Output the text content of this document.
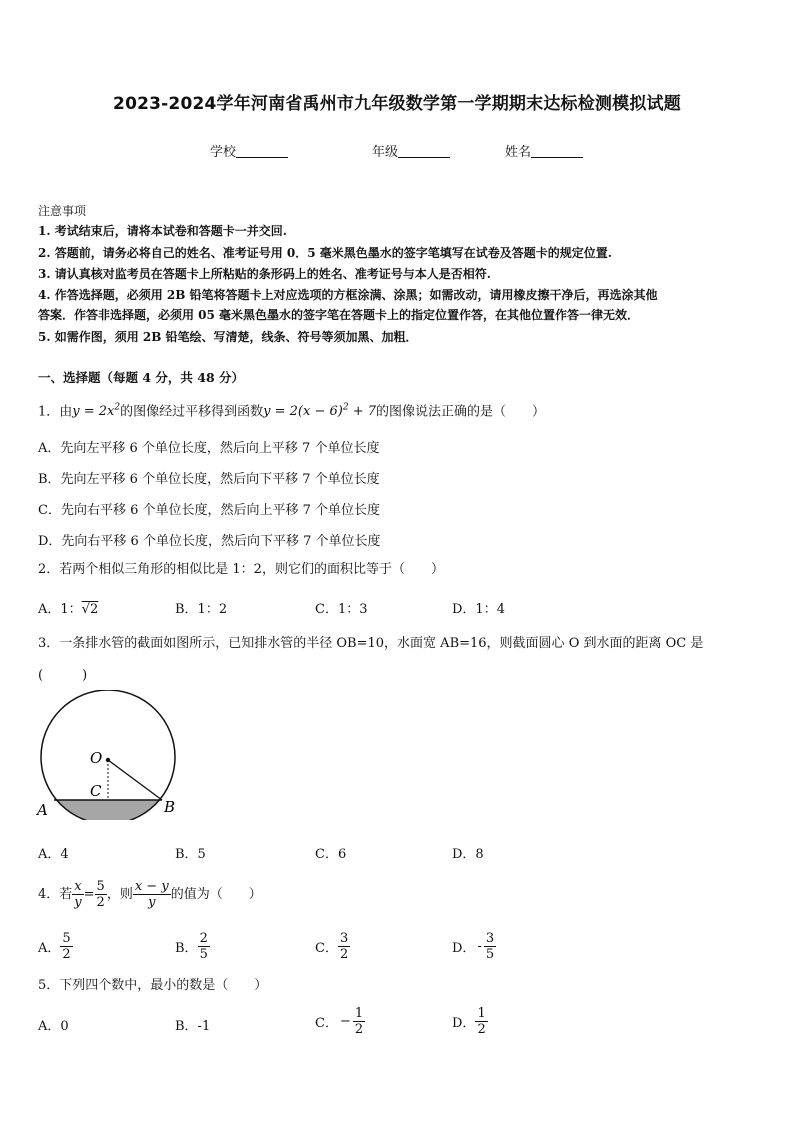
2023-2024学年河南省禹州市九年级数学第一学期期末达标检测模拟试题
学校	年级	姓名
注意事项
1. 考试结束后，请将本试卷和答题卡一并交回.
2. 答题前，请务必将自己的姓名、准考证号用 0．5 毫米黑色墨水的签字笔填写在试卷及答题卡的规定位置.
3. 请认真核对监考员在答题卡上所粘贴的条形码上的姓名、准考证号与本人是否相符.
4. 作答选择题，必须用 2B 铅笔将答题卡上对应选项的方框涂满、涂黑；如需改动，请用橡皮擦干净后，再选涂其他
答案．作答非选择题，必须用 05 毫米黑色墨水的签字笔在答题卡上的指定位置作答，在其他位置作答一律无效．
5. 如需作图，须用 2B 铅笔绘、写清楚，线条、符号等须加黑、加粗．
一、选择题（每题 4 分，共 48 分）
1．由$y = 2x^2$的图像经过平移得到函数$y = 2(x - 6)^2 + 7$的图像说法正确的是（　　）
A．先向左平移 6 个单位长度，然后向上平移 7 个单位长度
B．先向左平移 6 个单位长度，然后向下平移 7 个单位长度
C．先向右平移 6 个单位长度，然后向上平移 7 个单位长度
D．先向右平移 6 个单位长度，然后向下平移 7 个单位长度
2．若两个相似三角形的相似比是 1：2，则它们的面积比等于（　　）
A．1：√2	B．1：2	C．1：3	D．1：4
3．一条排水管的截面如图所示，已知排水管的半径 OB=10，水面宽 AB=16，则截面圆心 O 到水面的距离 OC 是
(　　　)
O
C
A	B
A．4	B．5	C．6	D．8
4．若 $\frac{x}{y} = \frac{5}{2}$ ，则 $\frac{x - y}{y}$ 的值为（　　）
A． $\frac{5}{2}$	B． $\frac{2}{5}$	C． $\frac{3}{2}$	D． - $\frac{3}{5}$
5．下列四个数中，最小的数是（　　）
A．0	B．-1	C． − $\frac{1}{2}$	D． $\frac{1}{2}$
